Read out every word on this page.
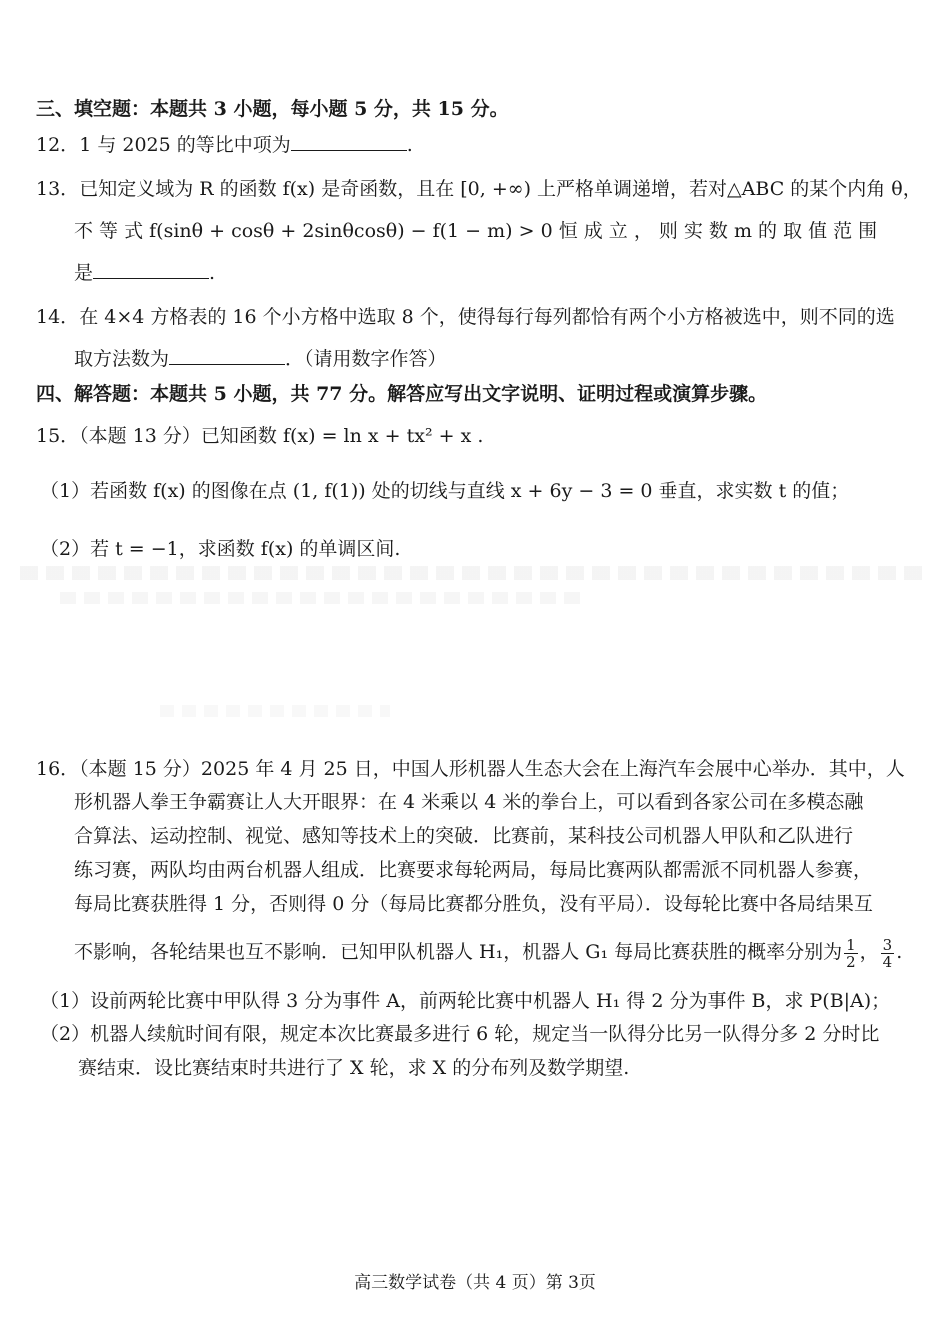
三、填空题：本题共 3 小题，每小题 5 分，共 15 分。
12．1 与 2025 的等比中项为	.
13．已知定义域为 R 的函数 f(x) 是奇函数，且在 [0, +∞) 上严格单调递增，若对△ABC 的某个内角 θ，
不 等 式 f(sinθ + cosθ + 2sinθcosθ) − f(1 − m) > 0 恒 成 立 ， 则 实 数 m 的 取 值 范 围
是	.
14．在 4×4 方格表的 16 个小方格中选取 8 个，使得每行每列都恰有两个小方格被选中，则不同的选
取方法数为	．（请用数字作答）
四、解答题：本题共 5 小题，共 77 分。解答应写出文字说明、证明过程或演算步骤。
15．（本题 13 分）已知函数 f(x) = ln x + tx² + x .
（1）若函数 f(x) 的图像在点 (1, f(1)) 处的切线与直线 x + 6y − 3 = 0 垂直，求实数 t 的值；
（2）若 t = −1，求函数 f(x) 的单调区间.
16．（本题 15 分）2025 年 4 月 25 日，中国人形机器人生态大会在上海汽车会展中心举办．其中，人
形机器人拳王争霸赛让人大开眼界：在 4 米乘以 4 米的拳台上，可以看到各家公司在多模态融
合算法、运动控制、视觉、感知等技术上的突破．比赛前，某科技公司机器人甲队和乙队进行
练习赛，两队均由两台机器人组成．比赛要求每轮两局，每局比赛两队都需派不同机器人参赛，
每局比赛获胜得 1 分，否则得 0 分（每局比赛都分胜负，没有平局）．设每轮比赛中各局结果互
不影响，各轮结果也互不影响．已知甲队机器人 H₁，机器人 G₁ 每局比赛获胜的概率分别为 $\frac{1}{2}$ ， $\frac{3}{4}$ .
（1）设前两轮比赛中甲队得 3 分为事件 A，前两轮比赛中机器人 H₁ 得 2 分为事件 B，求 P(B|A)；
（2）机器人续航时间有限，规定本次比赛最多进行 6 轮，规定当一队得分比另一队得分多 2 分时比
赛结束．设比赛结束时共进行了 X 轮，求 X 的分布列及数学期望.
高三数学试卷（共 4 页）第 3页
